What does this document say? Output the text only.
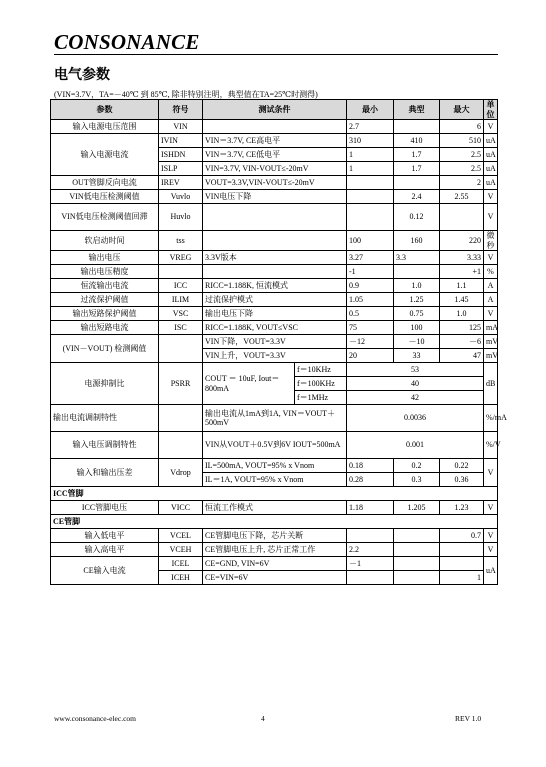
CONSONANCE
电气参数
(VIN=3.7V，TA=－40℃ 到 85℃, 除非特别注明，典型值在TA=25℃时测得)
参数	符号	测试条件		最小	典型	最大	单位
输入电源电压范围	VIN			2.7		6	V
输入电源电流	IVIN	VIN＝3.7V, CE高电平		310	410	510	uA
	ISHDN	VIN＝3.7V, CE低电平		1	1.7	2.5	uA
	ISLP	VIN=3.7V, VIN-VOUT≤-20mV		1	1.7	2.5	uA
OUT管脚反向电流	IREV	VOUT=3.3V,VIN-VOUT≤-20mV				2	uA
VIN低电压检测阈值	Vuvlo	VIN电压下降			2.4	2.55	V
VIN低电压检测阈值回滞	Huvlo				0.12		V
软启动时间	tss			100	160	220	微秒
输出电压	VREG	3.3V版本		3.27	3.3	3.33	V
输出电压精度				-1		+1	%
恒流输出电流	ICC	RICC=1.188K, 恒流模式		0.9	1.0	1.1	A
过流保护阈值	ILIM	过流保护模式		1.05	1.25	1.45	A
输出短路保护阈值	VSC	输出电压下降		0.5	0.75	1.0	V
输出短路电流	ISC	RICC=1.188K, VOUT≤VSC		75	100	125	mA
(VIN－VOUT) 检测阈值		VIN下降，VOUT=3.3V		－12	－10	－6	mV
		VIN上升，VOUT=3.3V		20	33	47	mV
电源抑制比	PSRR	COUT ＝ 10uF, Iout＝800mA	f＝10KHz	53			dB
			f＝100KHz	40			
			f＝1MHz	42			
输出电流调制特性		输出电流从1mA到1A, VIN＝VOUT＋500mV		0.0036			%/mA
输入电压调制特性		VIN从VOUT＋0.5V到6V IOUT=500mA		0.001			%/V
输入和输出压差	Vdrop	IL=500mA, VOUT=95% x Vnom		0.18	0.2	0.22	V
		IL＝1A, VOUT=95% x Vnom		0.28	0.3	0.36	
ICC管脚							
ICC管脚电压	VICC	恒流工作模式		1.18	1.205	1.23	V
CE管脚							
输入低电平	VCEL	CE管脚电压下降，芯片关断				0.7	V
输入高电平	VCEH	CE管脚电压上升, 芯片正常工作		2.2			V
CE输入电流	ICEL	CE=GND, VIN=6V		－1			uA
	ICEH	CE=VIN=6V				1	
www.consonance-elec.com	4	REV 1.0
